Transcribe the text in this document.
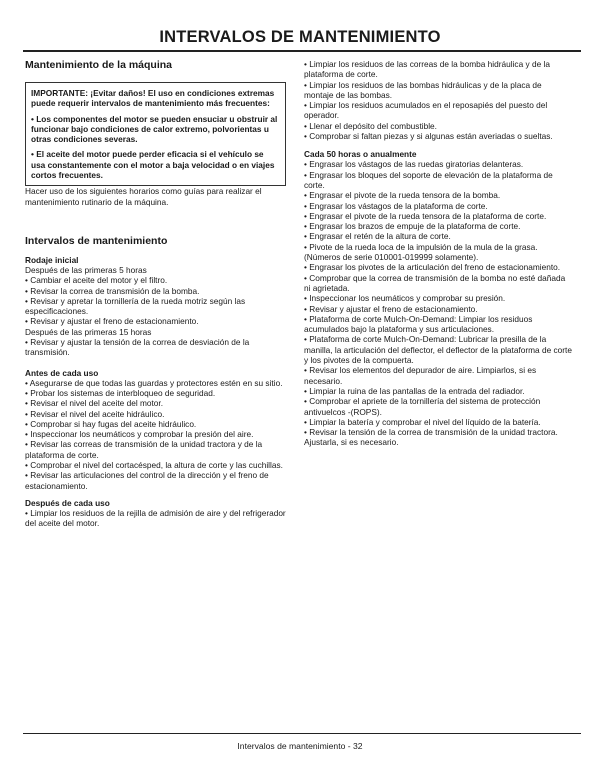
INTERVALOS DE MANTENIMIENTO

Mantenimiento de la máquina

IMPORTANTE: ¡Evitar daños! El uso en condiciones extremas puede requerir intervalos de mantenimiento más frecuentes:

• Los componentes del motor se pueden ensuciar u obstruir al funcionar bajo condiciones de calor extremo, polvorientas u otras condiciones severas.

• El aceite del motor puede perder eficacia si el vehículo se usa constantemente con el motor a baja velocidad o en viajes cortos frecuentes.

Hacer uso de los siguientes horarios como guías para realizar el mantenimiento rutinario de la máquina.

Intervalos de mantenimiento

Rodaje inicial

Después de las primeras 5 horas

• Cambiar el aceite del motor y el filtro.

• Revisar la correa de transmisión de la bomba.

• Revisar y apretar la tornillería de la rueda motriz según las especificaciones.

• Revisar y ajustar el freno de estacionamiento.

Después de las primeras 15 horas

• Revisar y ajustar la tensión de la correa de desviación de la transmisión.

Antes de cada uso

• Asegurarse de que todas las guardas y protectores estén en su sitio.

• Probar los sistemas de interbloqueo de seguridad.

• Revisar el nivel del aceite del motor.

• Revisar el nivel del aceite hidráulico.

• Comprobar si hay fugas del aceite hidráulico.

• Inspeccionar los neumáticos y comprobar la presión del aire.

• Revisar las correas de transmisión de la unidad tractora y de la plataforma de corte.

• Comprobar el nivel del cortacésped, la altura de corte y las cuchillas.

• Revisar las articulaciones del control de la dirección y el freno de estacionamiento.

Después de cada uso

• Limpiar los residuos de la rejilla de admisión de aire y del refrigerador del aceite del motor.

• Limpiar los residuos de las correas de la bomba hidráulica y de la plataforma de corte.

• Limpiar los residuos de las bombas hidráulicas y de la placa de montaje de las bombas.

• Limpiar los residuos acumulados en el reposapiés del puesto del operador.

• Llenar el depósito del combustible.

• Comprobar si faltan piezas y si algunas están averiadas o sueltas.

Cada 50 horas o anualmente

• Engrasar los vástagos de las ruedas giratorias delanteras.

• Engrasar los bloques del soporte de elevación de la plataforma de corte.

• Engrasar el pivote de la rueda tensora de la bomba.

• Engrasar los vástagos de la plataforma de corte.

• Engrasar el pivote de la rueda tensora de la plataforma de corte.

• Engrasar los brazos de empuje de la plataforma de corte.

• Engrasar el retén de la altura de corte.

• Pivote de la rueda loca de la impulsión de la mula de la grasa. (Números de serie 010001-019999 solamente).

• Engrasar los pivotes de la articulación del freno de estacionamiento.

• Comprobar que la correa de transmisión de la bomba no esté dañada ni agrietada.

• Inspeccionar los neumáticos y comprobar su presión.

• Revisar y ajustar el freno de estacionamiento.

• Plataforma de corte Mulch-On-Demand: Limpiar los residuos acumulados bajo la plataforma y sus articulaciones.

• Plataforma de corte Mulch-On-Demand: Lubricar la presilla de la manilla, la articulación del deflector, el deflector de la plataforma de corte y los pivotes de la compuerta.

• Revisar los elementos del depurador de aire. Limpiarlos, si es necesario.

• Limpiar la ruina de las pantallas de la entrada del radiador.

• Comprobar el apriete de la tornillería del sistema de protección antivuelcos -(ROPS).

• Limpiar la batería y comprobar el nivel del líquido de la batería.

• Revisar la tensión de la correa de transmisión de la unidad tractora. Ajustarla, si es necesario.

Intervalos de mantenimiento - 32
